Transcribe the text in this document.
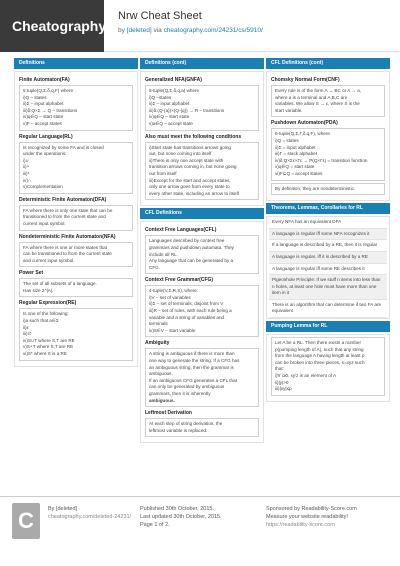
Cheatography
Nrw Cheat Sheet
by [deleted] via cheatography.com/24231/cs/5910/
Definitions
Finite Automaton(FA)
5 tuple(Q,Σ,δ,q,F) where
i)Q – states
ii)Σ – input alphabet
iii)δ:Q×Σ → Q – transitions
iv)q∈Q – start state
v)F – accept states
Regular Language(RL)
Is recognized by some FA and is closed
under the operations:
i)∪
ii)∘
iii)*
iv)∩
v)Complementation
Deterministic Finite Automaton(DFA)
FA where there is only one state that can be
transitioned to from the current state and
current input symbol.
Nondeterministic Finite Automaton(NFA)
FA where there is one or more states that
can be transitioned to from the current state
and current input symbol.
Power Set
The set of all subsets of a language.
Has size 2^|A|.
Regular Expression(RE)
Is one of the following:
i)a such that a∈Σ
ii)ε
iii)∅
iv)S∪T where S,T are RE
v)S∘T where S,T are RE
vi)S* where S is a RE
Definitions (cont)
Generalized NFA(GNFA)
5-tuple(Q,Σ,δ,q,a) where
i)Q –states
ii)Σ – input alphabet
iii)δ:(Q-{a})×(Q-{q}) → R – transitions
iv)q∈Q – start state
v)a∈Q – accept state
Also must meet the following conditions
i)Start state has transitions arrows going
out, but none coming into itself
ii)There is only one accept state with
transition arrows coming in, but none going
out from itself
iii)Except for the start and accept states,
only one arrow goes from every state to
every other state, including an arrow to itself
CFL Definitions
Context Free Languages(CFL)
Languages described by context free
grammars and pushdown automata. They
include all RL.
Any language that can be generated by a
CFG.
Context Free Grammar(CFG)
4-tuple(V,Σ,R,S), where:
i)V – set of variables
ii)Σ – set of terminals, disjoint from V
iii)R – set of rules, with each rule being a
variable and a string of variables and
terminals
iv)S∈V – start variable
Ambiguity
A string is ambiguous if there is more than
one way to generate the string. If a CFG has
an ambiguous string, then the grammar is
ambiguous.
If an ambiguous CFG generates a CFL that
can only be generated by ambiguous
grammars, then it is inherently
ambiguous.
Leftmost Derivation
At each step of string derivation, the
leftmost variable is replaced.
CFL Definitions (cont)
Chomsky Normal Form(CNF)
Every rule is of the form A → BC or A → a,
where a is a terminal and A,B,C are
variables. We allow S → ε, where S is the
start variable.
Pushdown Automaton(PDA)
6-tuple(Q,Σ,Γ,δ,q,F), where
i)Q = states
ii)Σ = input alphabet
iii)Γ = stack alphabet
iv)δ:Q×Σε×Γε → P(Q×Γε) = transition function
v)q∈Q = start state
vi)F⊆Q = accept states
By definition, they are nondeterministic.
Theorems, Lemmas, Corollaries for RL
Every NFA has an equivalent DFA
A language is regular iff some NFA recognizes it
If a language is described by a RE, then it is regular
A language is regular, iff it is described by a RE
A language is regular iff some RE describes it
Pigeonhole Principle: If we stuff n items into less than n holes, at least one hole must have more than one item in it
There is an algorithm that can determine if two FA are equivalent
Pumping Lemma for RL
Let A be a RL. Then there exists a number
p(pumping length of A), such that any string
from the language A having length at least p
can be broken into three pieces, s=xyz such
that:
i)∀ i≥0, xyⁱz is an element of A
ii)|y|>0
iii)|xy|≤p
C	By [deleted]
cheatography.com/deleted-24231/
Published 30th October, 2015.
Last updated 30th October, 2015.
Page 1 of 2.
Sponsored by Readability-Score.com
Measure your website readability!
https://readability-score.com
